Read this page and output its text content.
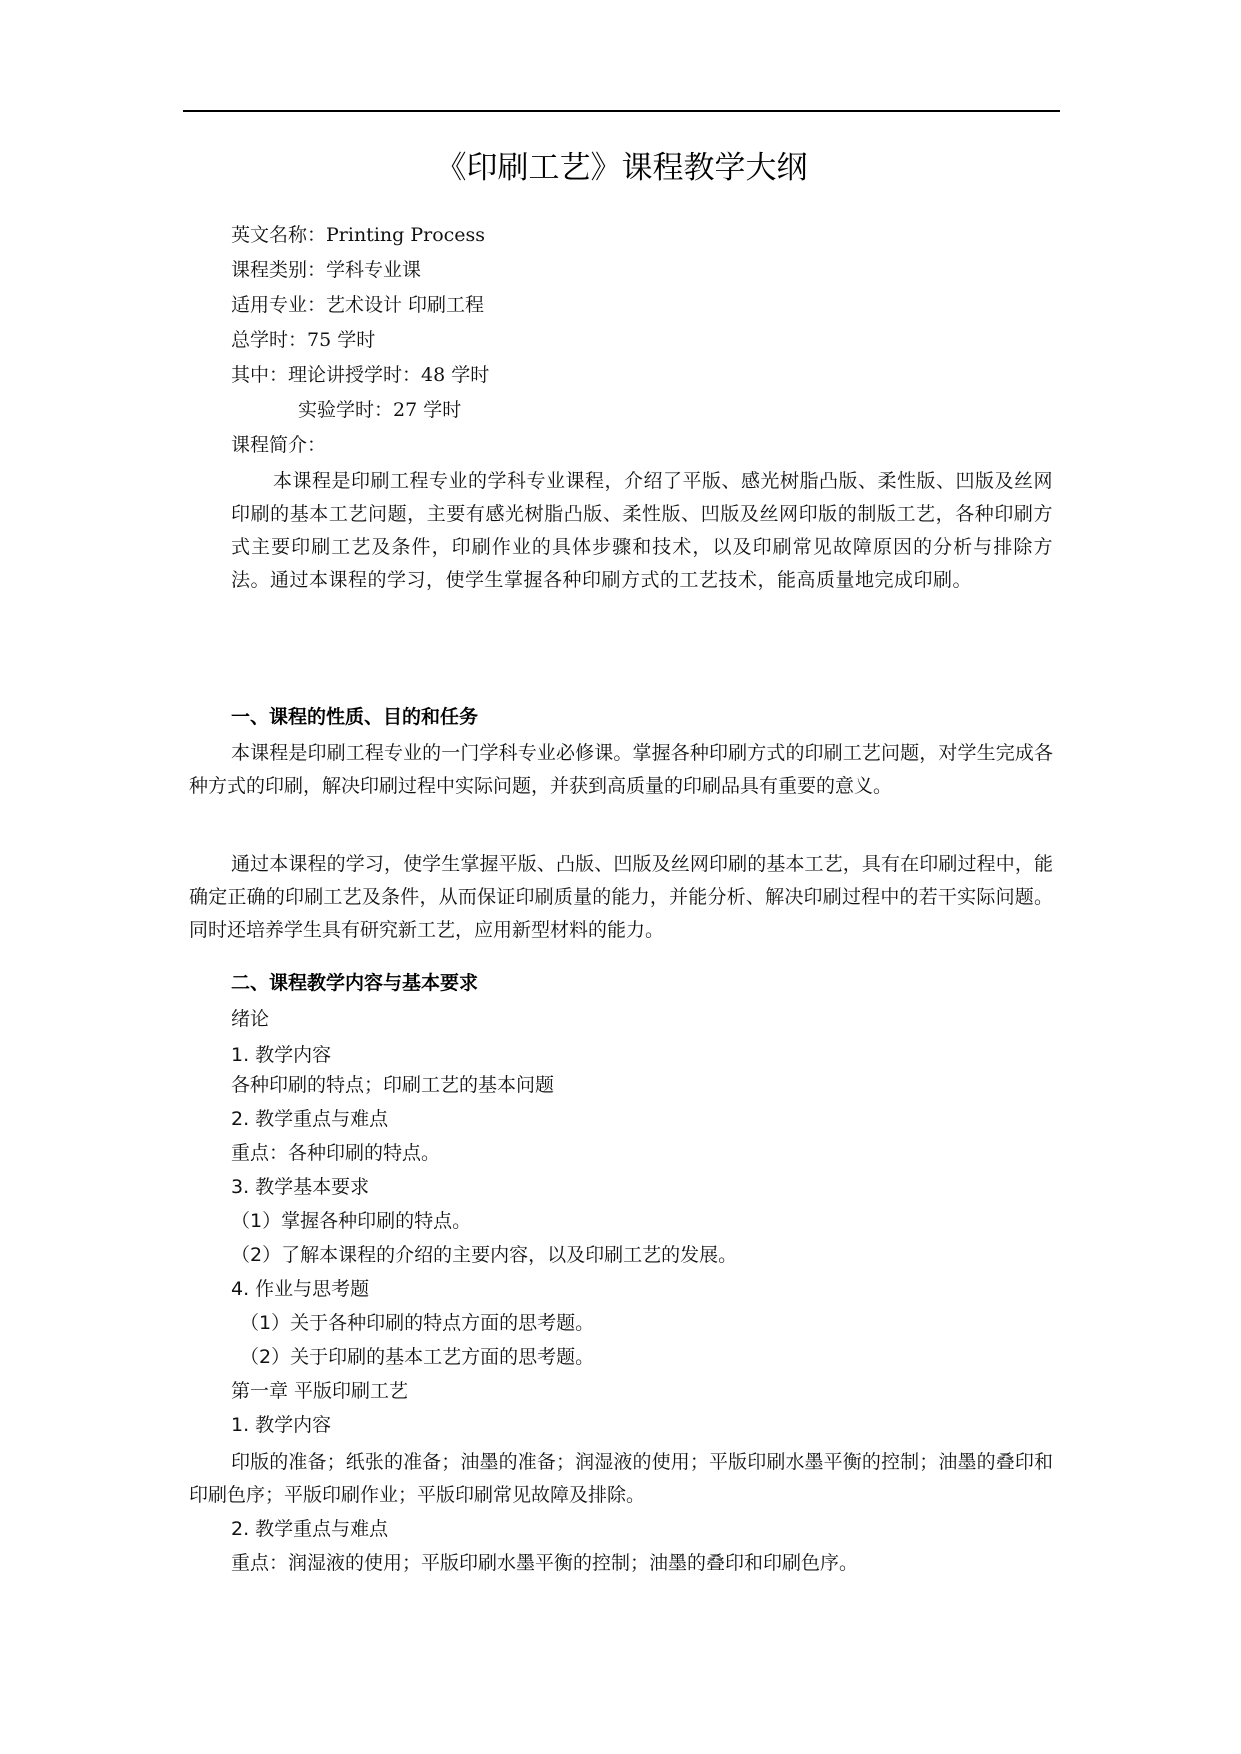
《印刷工艺》课程教学大纲
英文名称：Printing Process
课程类别：学科专业课
适用专业：艺术设计 印刷工程
总学时：75 学时
其中：理论讲授学时：48 学时
实验学时：27 学时
课程简介：
本课程是印刷工程专业的学科专业课程，介绍了平版、感光树脂凸版、柔性版、凹版及丝网印刷的基本工艺问题，主要有感光树脂凸版、柔性版、凹版及丝网印版的制版工艺，各种印刷方式主要印刷工艺及条件，印刷作业的具体步骤和技术，以及印刷常见故障原因的分析与排除方法。通过本课程的学习，使学生掌握各种印刷方式的工艺技术，能高质量地完成印刷。
一、课程的性质、目的和任务
本课程是印刷工程专业的一门学科专业必修课。掌握各种印刷方式的印刷工艺问题，对学生完成各种方式的印刷，解决印刷过程中实际问题，并获到高质量的印刷品具有重要的意义。
通过本课程的学习，使学生掌握平版、凸版、凹版及丝网印刷的基本工艺，具有在印刷过程中，能确定正确的印刷工艺及条件，从而保证印刷质量的能力，并能分析、解决印刷过程中的若干实际问题。同时还培养学生具有研究新工艺，应用新型材料的能力。
二、课程教学内容与基本要求
绪论
1. 教学内容
各种印刷的特点；印刷工艺的基本问题
2. 教学重点与难点
重点：各种印刷的特点。
3. 教学基本要求
（1）掌握各种印刷的特点。
（2）了解本课程的介绍的主要内容，以及印刷工艺的发展。
4. 作业与思考题
（1）关于各种印刷的特点方面的思考题。
（2）关于印刷的基本工艺方面的思考题。
第一章 平版印刷工艺
1. 教学内容
印版的准备；纸张的准备；油墨的准备；润湿液的使用；平版印刷水墨平衡的控制；油墨的叠印和印刷色序；平版印刷作业；平版印刷常见故障及排除。
2. 教学重点与难点
重点：润湿液的使用；平版印刷水墨平衡的控制；油墨的叠印和印刷色序。
